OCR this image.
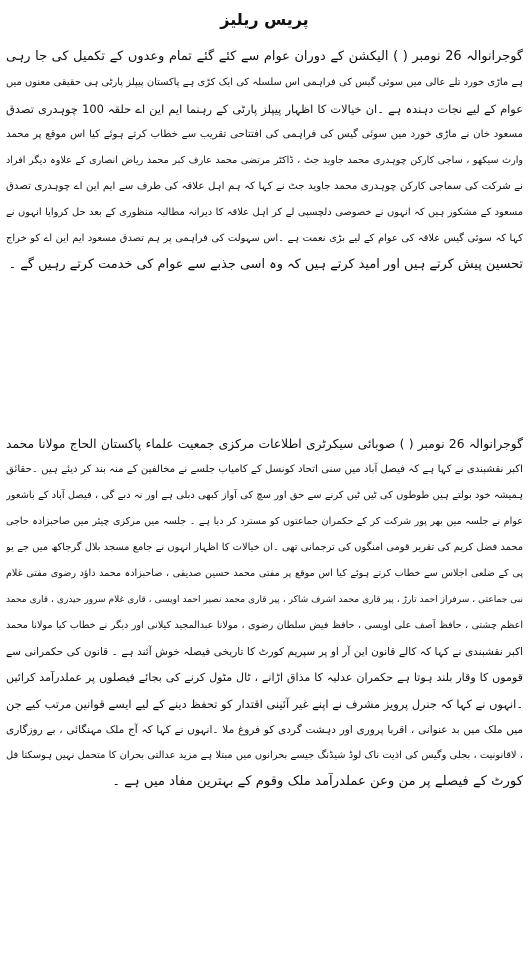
پریس ریلیز
گوجرانوالہ 26 نومبر ( ) الیکشن کے دوران عوام سے کئے گئے تمام وعدوں کے تکمیل کی جا رہی
ہے ماڑی خورد تلے عالی میں سوئی گیس کی فراہمی اس سلسلہ کی ایک کڑی ہے پاکستان پیپلز پارٹی ہی حقیقی معنوں میں
عوام کے لیے نجات دہندہ ہے ۔ان خیالات کا اظہار پیپلز پارٹی کے رہنما ایم این اے حلقہ 100 چوہدری تصدق
مسعود خان نے ماڑی خورد میں سوئی گیس کی فراہمی کی افتتاحی تقریب سے خطاب کرتے ہوئے کیا اس موقع پر محمد
وارث سیکھو ، ساجی کارکن چوہدری محمد جاوید جٹ ، ڈاکٹر مرتضی محمد عارف کبر محمد ریاض انصاری کے علاوہ دیگر افراد
نے شرکت کی سماجی کارکن چوہدری محمد جاوید جٹ نے کہا کہ ہم اہل علاقہ کی طرف سے ایم این اے چوہدری تصدق
مسعود کے مشکور ہیں کہ انہوں نے خصوصی دلچسپی لے کر اہل علاقہ کا دیرانہ مطالبہ منظوری کے بعد حل کروایا انہوں نے
کہا کہ سوئی گیس علاقہ کی عوام کے لیے بڑی نعمت ہے ۔اس سہولت کی فراہمی پر ہم تصدق مسعود ایم این اے کو خراج
تحسین پیش کرتے ہیں اور امید کرتے ہیں کہ وہ اسی جذبے سے عوام کی خدمت کرتے رہیں گے ۔
گوجرانوالہ 26 نومبر ( ) صوبائی سیکرٹری اطلاعات مرکزی جمعیت علماء پاکستان الحاج مولانا محمد
اکبر نقشبندی نے کہا ہے کہ فیصل آباد میں سنی اتحاد کونسل کے کامیاب جلسے نے مخالفین کے منہ بند کر دیئے ہیں ۔حقائق
ہمیشہ خود بولتے ہیں طوطوں کی ٹیں ٹیں کرنے سے حق اور سچ کی آواز کبھی دبلی ہے اور نہ دبے گی ، فیصل آباد کے باشعور
عوام نے جلسہ میں بھر پور شرکت کر کے حکمران جماعتوں کو مسترد کر دیا ہے ۔ جلسہ میں مرکزی چیئر مین صاحبزادہ حاجی
محمد فضل کریم کی تقریر قومی امنگوں کی ترجمانی تھی ۔ان خیالات کا اظہار انہوں نے جامع مسجد بلال گرجاکھ میں جے یو
پی کے ضلعی اجلاس سے خطاب کرتے ہوئے کیا اس موقع پر مفتی محمد حسین صدیقی ، صاحبزادہ محمد داؤد رضوی مفتی غلام
نبی جماعتی ، سرفراز احمد تارڑ ، پیر قاری محمد اشرف شاکر ، پیر قاری محمد نصیر احمد اویسی ، قاری غلام سرور حیدری ، قاری محمد
اعظم چشتی ، حافظ آصف علی اویسی ، حافظ فیض سلطان رضوی ، مولانا عبدالمجید کیلانی اور دیگر نے خطاب کیا مولانا محمد
اکبر نقشبندی نے کہا کہ کالے قانون این آر او پر سپریم کورٹ کا تاریخی فیصلہ خوش آئند ہے ۔ قانون کی حکمرانی سے
قوموں کا وقار بلند ہوتا ہے حکمران عدلیہ کا مذاق اڑانے ، ٹال مٹول کرنے کی بجائے فیصلوں پر عملدرآمد کرائیں
۔انہوں نے کہا کہ جنرل پرویز مشرف نے اپنے غیر آئینی اقتدار کو تحفظ دینے کے لیے ایسے قوانین مرتب کیے جن
میں ملک میں بد عنوانی ، اقربا پروری اور دہشت گردی کو فروغ ملا ۔انہوں نے کہا کہ آج ملک مہنگائی ، بے روزگاری
، لاقانونیت ، بجلی وگیس کی اذیت ناک لوڈ شیڈنگ جیسے بحرانوں میں مبتلا ہے مزید عدالتی بحران کا متحمل نہیں ہوسکتا فل
کورٹ کے فیصلے پر من وعن عملدرآمد ملک وقوم کے بہترین مفاد میں ہے ۔
